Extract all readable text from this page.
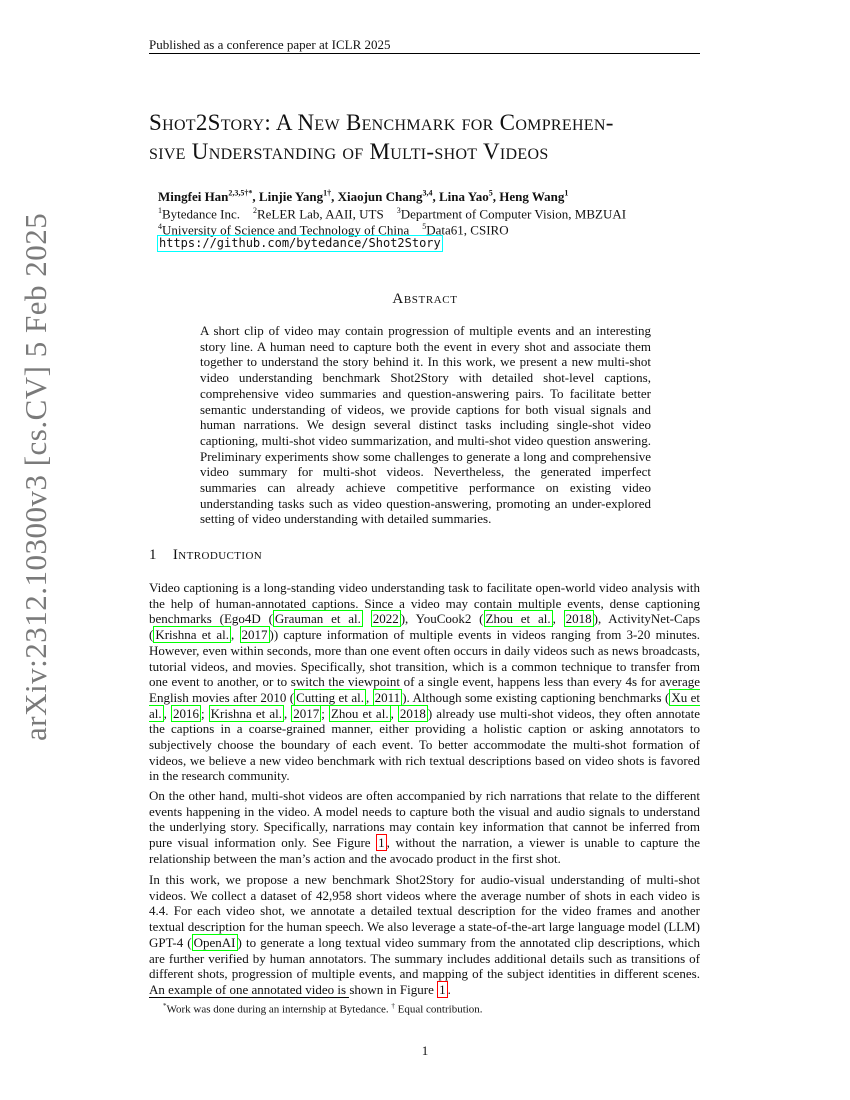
Published as a conference paper at ICLR 2025
arXiv:2312.10300v3 [cs.CV] 5 Feb 2025
Shot2Story: A New Benchmark for Comprehen-
sive Understanding of Multi-shot Videos
Mingfei Han$^{2,3,5\dagger*}$, Linjie Yang$^{1\dagger}$, Xiaojun Chang$^{3,4}$, Lina Yao$^5$, Heng Wang$^1$
$^1$Bytedance Inc. $^2$ReLER Lab, AAII, UTS $^3$Department of Computer Vision, MBZUAI
$^4$University of Science and Technology of China $^5$Data61, CSIRO
https://github.com/bytedance/Shot2Story
Abstract
A short clip of video may contain progression of multiple events and an interesting story line. A human need to capture both the event in every shot and associate them together to understand the story behind it. In this work, we present a new multi-shot video understanding benchmark Shot2Story with detailed shot-level captions, comprehensive video summaries and question-answering pairs. To facilitate better semantic understanding of videos, we provide captions for both visual signals and human narrations. We design several distinct tasks including single-shot video captioning, multi-shot video summarization, and multi-shot video question answering. Preliminary experiments show some challenges to generate a long and comprehensive video summary for multi-shot videos. Nevertheless, the generated imperfect summaries can already achieve competitive performance on existing video understanding tasks such as video question-answering, promoting an under-explored setting of video understanding with detailed summaries.
1 Introduction
Video captioning is a long-standing video understanding task to facilitate open-world video analysis with the help of human-annotated captions. Since a video may contain multiple events, dense captioning benchmarks (Ego4D ( Grauman et al. 2022 ), YouCook2 ( Zhou et al. , 2018 ), ActivityNet-Caps ( Krishna et al. , 2017 )) capture information of multiple events in videos ranging from 3-20 minutes. However, even within seconds, more than one event often occurs in daily videos such as news broadcasts, tutorial videos, and movies. Specifically, shot transition, which is a common technique to transfer from one event to another, or to switch the viewpoint of a single event, happens less than every 4s for average English movies after 2010 ( Cutting et al. , 2011 ). Although some existing captioning benchmarks ( Xu et al. , 2016 ; Krishna et al. , 2017 ; Zhou et al. , 2018 ) already use multi-shot videos, they often annotate the captions in a coarse-grained manner, either providing a holistic caption or asking annotators to subjectively choose the boundary of each event. To better accommodate the multi-shot formation of videos, we believe a new video benchmark with rich textual descriptions based on video shots is favored in the research community.
On the other hand, multi-shot videos are often accompanied by rich narrations that relate to the different events happening in the video. A model needs to capture both the visual and audio signals to understand the underlying story. Specifically, narrations may contain key information that cannot be inferred from pure visual information only. See Figure 1 , without the narration, a viewer is unable to capture the relationship between the man’s action and the avocado product in the first shot.
In this work, we propose a new benchmark Shot2Story for audio-visual understanding of multi-shot videos. We collect a dataset of 42,958 short videos where the average number of shots in each video is 4.4. For each video shot, we annotate a detailed textual description for the video frames and another textual description for the human speech. We also leverage a state-of-the-art large language model (LLM) GPT-4 ( OpenAI ) to generate a long textual video summary from the annotated clip descriptions, which are further verified by human annotators. The summary includes additional details such as transitions of different shots, progression of multiple events, and mapping of the subject identities in different scenes. An example of one annotated video is shown in Figure 1 .
*Work was done during an internship at Bytedance. † Equal contribution.
1
